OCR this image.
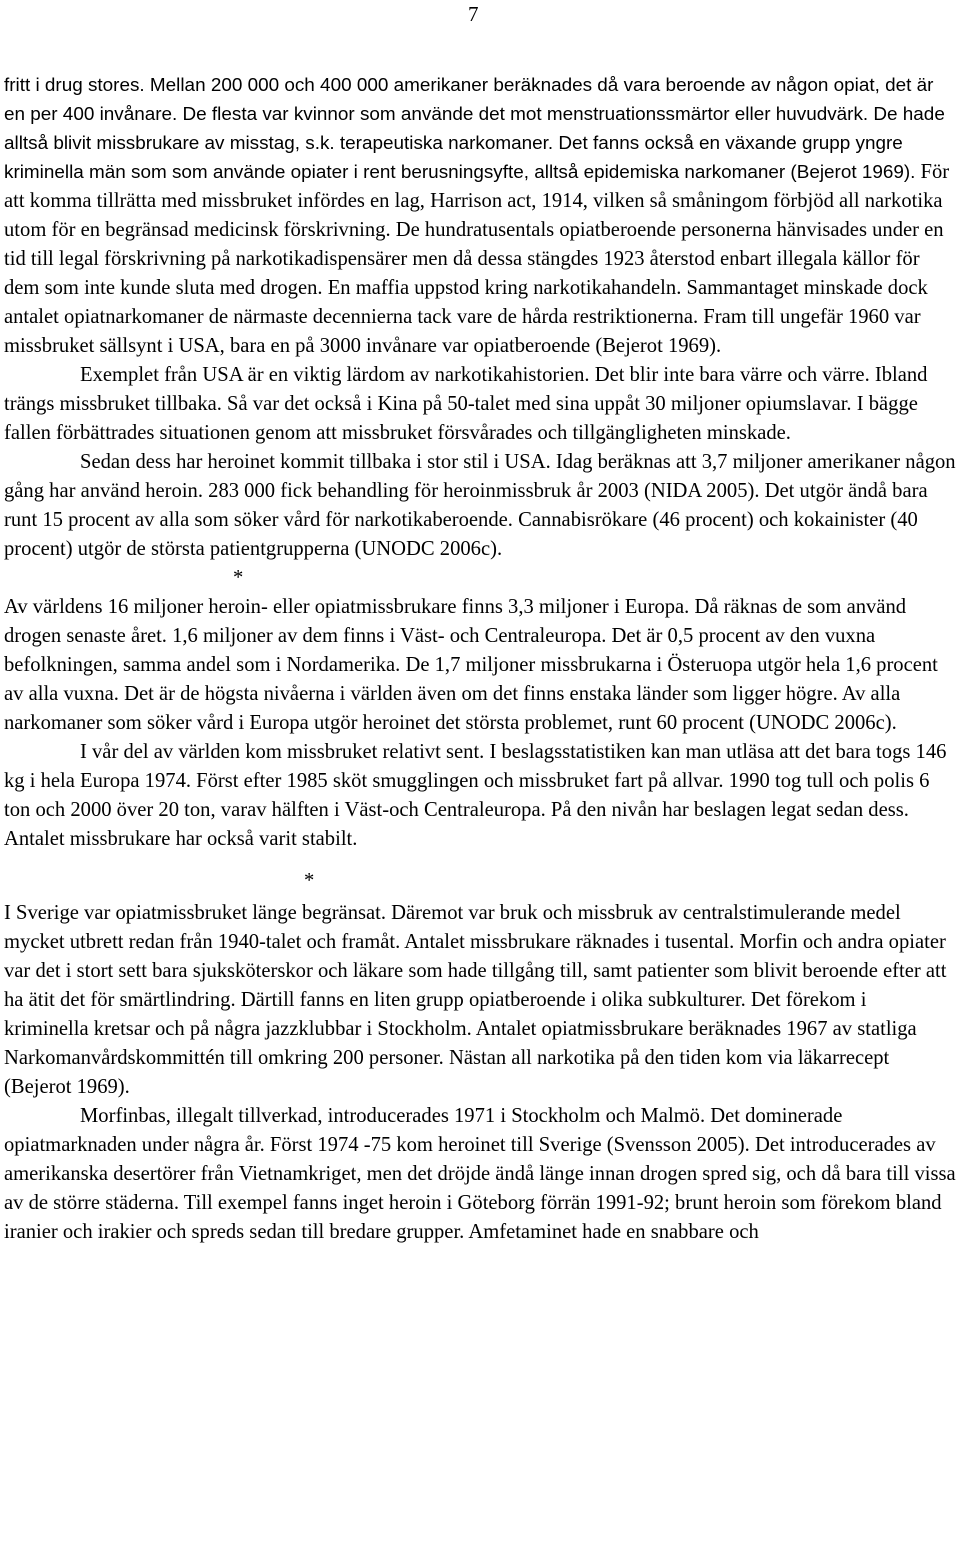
7

fritt i drug stores. Mellan 200 000 och 400 000 amerikaner beräknades då vara beroende av någon opiat, det är en per 400 invånare. De flesta var kvinnor som använde det mot menstruationssmärtor eller huvudvärk. De hade alltså blivit missbrukare av misstag, s.k. terapeutiska narkomaner. Det fanns också en växande grupp yngre kriminella män som som använde opiater i rent berusningsyfte, alltså epidemiska narkomaner (Bejerot 1969). För att komma tillrätta med missbruket infördes en lag, Harrison act, 1914, vilken så småningom förbjöd all narkotika utom för en begränsad medicinsk förskrivning. De hundratusentals opiatberoende personerna hänvisades under en tid till legal förskrivning på narkotikadispensärer men då dessa stängdes 1923 återstod enbart illegala källor för dem som inte kunde sluta med drogen. En maffia uppstod kring narkotikahandeln. Sammantaget minskade dock antalet opiatnarkomaner de närmaste decennierna tack vare de hårda restriktionerna. Fram till ungefär 1960 var missbruket sällsynt i USA, bara en på 3000 invånare var opiatberoende (Bejerot 1969).

Exemplet från USA är en viktig lärdom av narkotikahistorien. Det blir inte bara värre och värre. Ibland trängs missbruket tillbaka. Så var det också i Kina på 50-talet med sina uppåt 30 miljoner opiumslavar. I bägge fallen förbättrades situationen genom att missbruket försvårades och tillgängligheten minskade.

Sedan dess har heroinet kommit tillbaka i stor stil i USA. Idag beräknas att 3,7 miljoner amerikaner någon gång har använd heroin. 283 000 fick behandling för heroinmissbruk år 2003 (NIDA 2005). Det utgör ändå bara runt 15 procent av alla som söker vård för narkotikaberoende. Cannabisrökare (46 procent) och kokainister (40 procent) utgör de största patientgrupperna (UNODC 2006c).

*

Av världens 16 miljoner heroin- eller opiatmissbrukare finns 3,3 miljoner i Europa. Då räknas de som använd drogen senaste året. 1,6 miljoner av dem finns i Väst- och Centraleuropa. Det är 0,5 procent av den vuxna befolkningen, samma andel som i Nordamerika. De 1,7 miljoner missbrukarna i Österuopa utgör hela 1,6 procent av alla vuxna. Det är de högsta nivåerna i världen även om det finns enstaka länder som ligger högre. Av alla narkomaner som söker vård i Europa utgör heroinet det största problemet, runt 60 procent (UNODC 2006c).

I vår del av världen kom missbruket relativt sent. I beslagsstatistiken kan man utläsa att det bara togs 146 kg i hela Europa 1974. Först efter 1985 sköt smugglingen och missbruket fart på allvar. 1990 tog tull och polis 6 ton och 2000 över 20 ton, varav hälften i Väst-och Centraleuropa. På den nivån har beslagen legat sedan dess. Antalet missbrukare har också varit stabilt.

*

I Sverige var opiatmissbruket länge begränsat. Däremot var bruk och missbruk av centralstimulerande medel mycket utbrett redan från 1940-talet och framåt. Antalet missbrukare räknades i tusental. Morfin och andra opiater var det i stort sett bara sjuksköterskor och läkare som hade tillgång till, samt patienter som blivit beroende efter att ha ätit det för smärtlindring. Därtill fanns en liten grupp opiatberoende i olika subkulturer. Det förekom i kriminella kretsar och på några jazzklubbar i Stockholm. Antalet opiatmissbrukare beräknades 1967 av statliga Narkomanvårdskommittén till omkring 200 personer. Nästan all narkotika på den tiden kom via läkarrecept (Bejerot 1969).

Morfinbas, illegalt tillverkad, introducerades 1971 i Stockholm och Malmö. Det dominerade opiatmarknaden under några år. Först 1974 -75 kom heroinet till Sverige (Svensson 2005). Det introducerades av amerikanska desertörer från Vietnamkriget, men det dröjde ändå länge innan drogen spred sig, och då bara till vissa av de större städerna. Till exempel fanns inget heroin i Göteborg förrän 1991-92; brunt heroin som förekom bland iranier och irakier och spreds sedan till bredare grupper. Amfetaminet hade en snabbare och
